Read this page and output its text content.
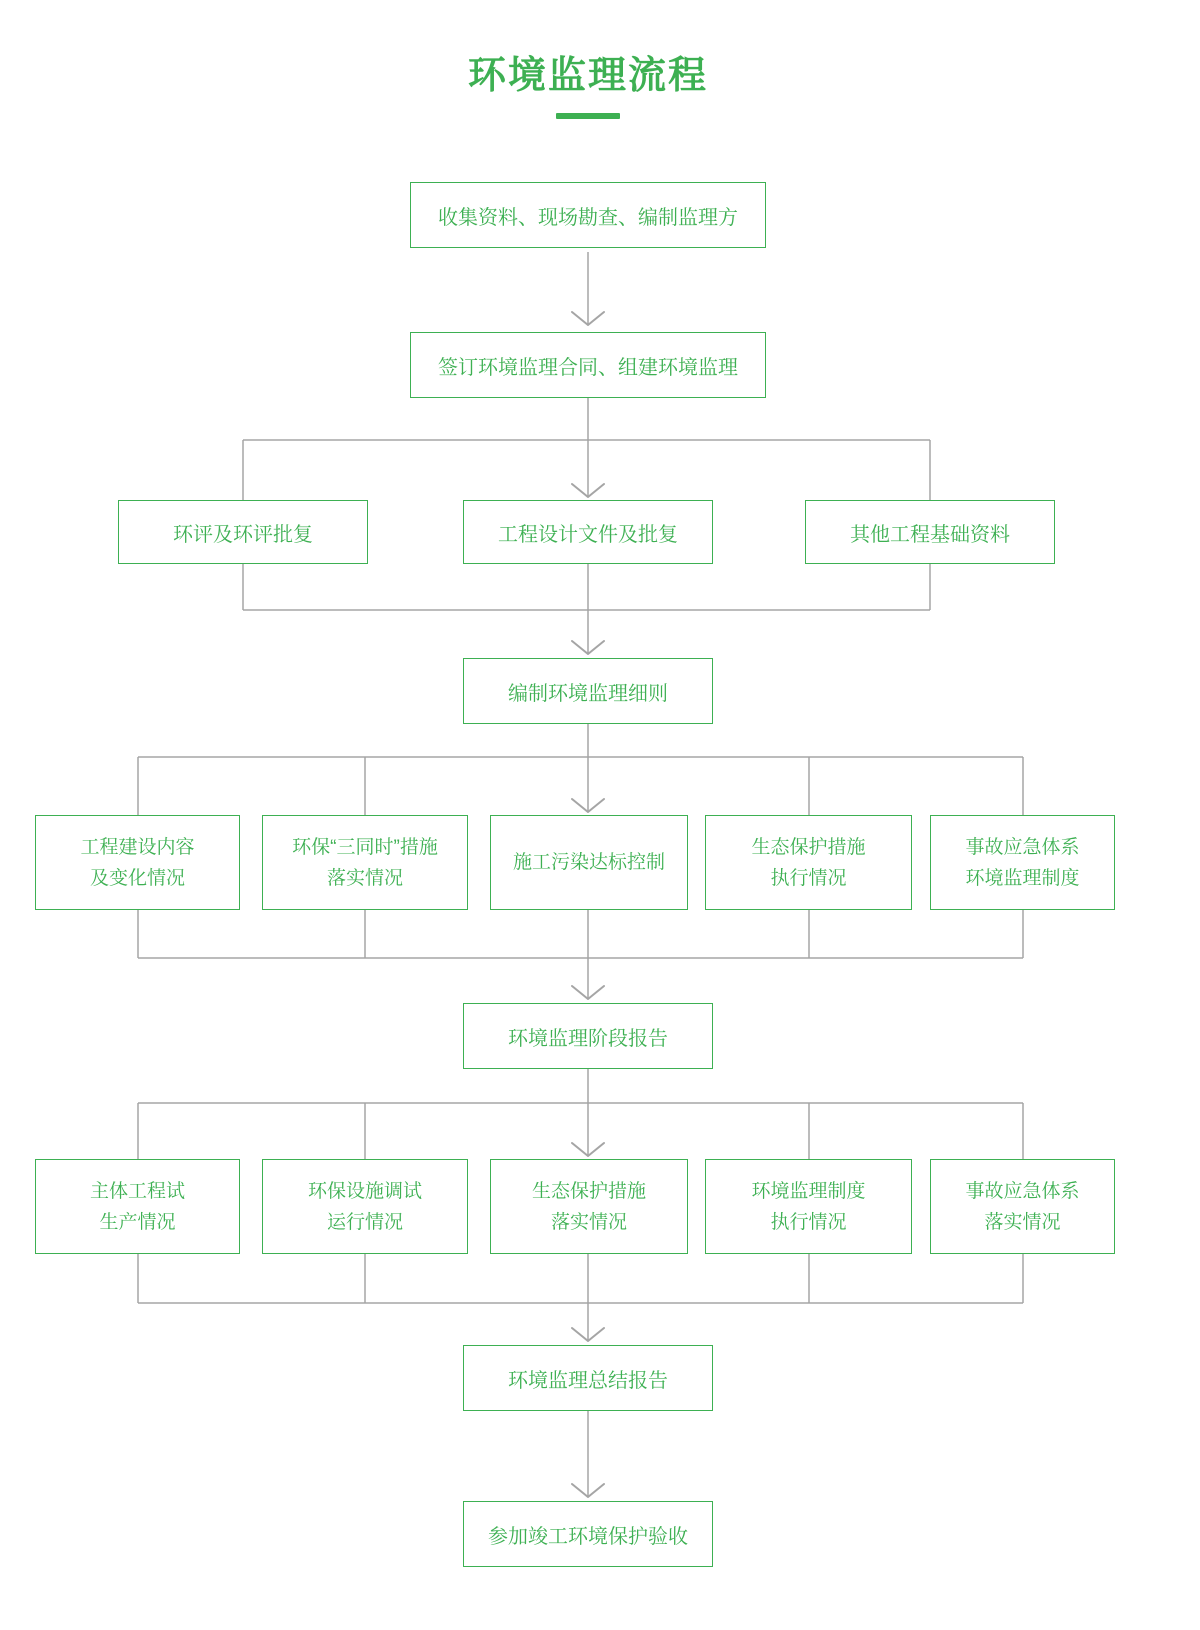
环境监理流程
收集资料、现场勘查、编制监理方
签订环境监理合同、组建环境监理
环评及环评批复	工程设计文件及批复	其他工程基础资料
编制环境监理细则
工程建设内容
及变化情况
环保“三同时”措施
落实情况
施工污染达标控制
生态保护措施
执行情况
事故应急体系
环境监理制度
环境监理阶段报告
主体工程试
生产情况
环保设施调试
运行情况
生态保护措施
落实情况
环境监理制度
执行情况
事故应急体系
落实情况
环境监理总结报告
参加竣工环境保护验收
